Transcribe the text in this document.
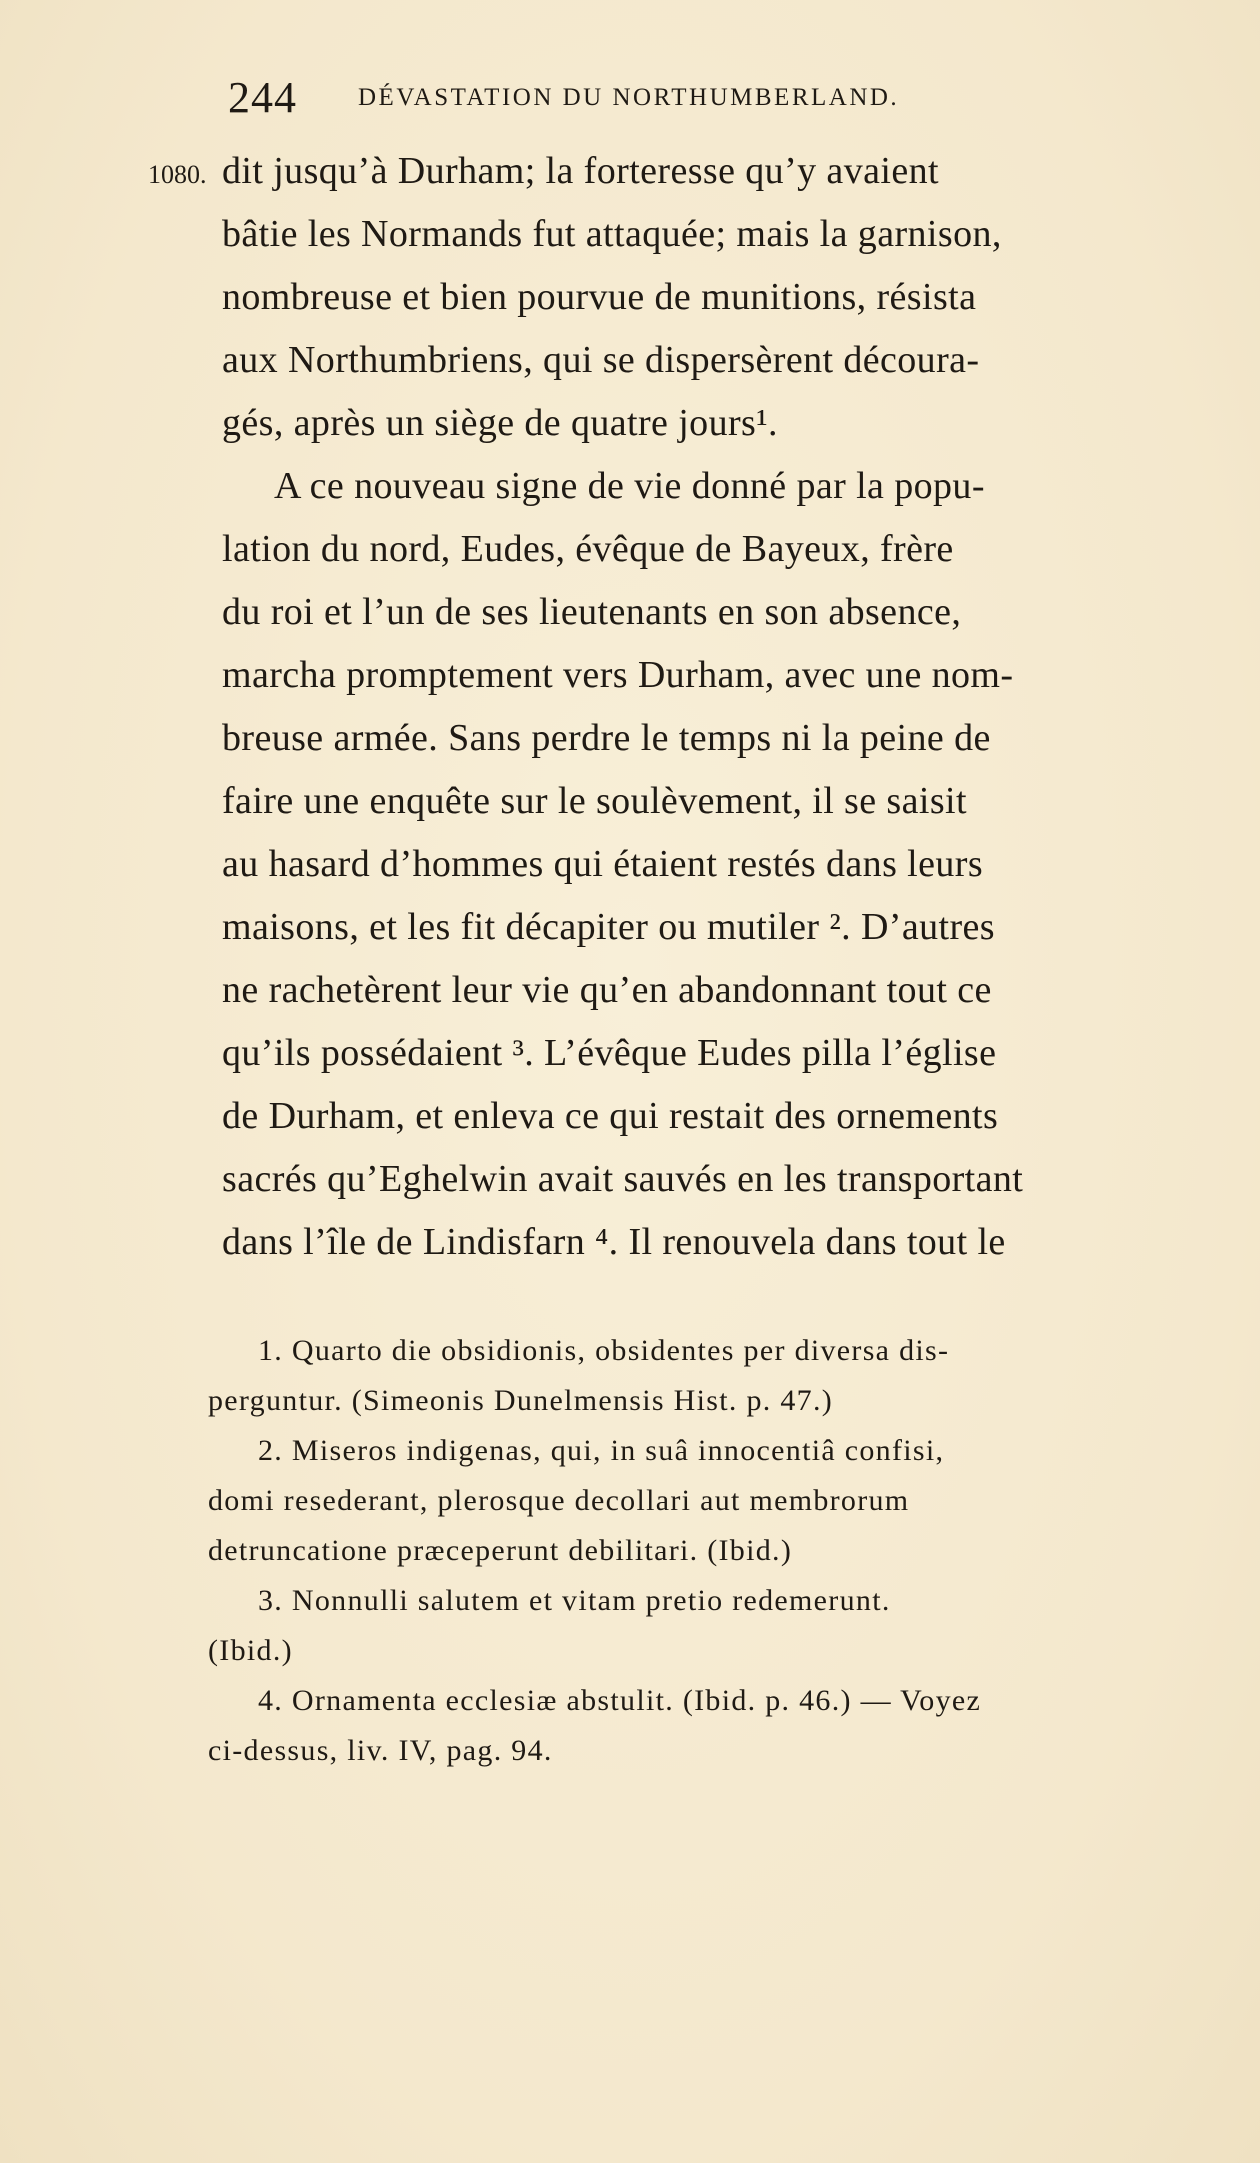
244 DÉVASTATION DU NORTHUMBERLAND.
1080. dit jusqu’à Durham; la forteresse qu’y avaient
bâtie les Normands fut attaquée; mais la garnison,
nombreuse et bien pourvue de munitions, résista
aux Northumbriens, qui se dispersèrent découra-
gés, après un siège de quatre jours¹.
A ce nouveau signe de vie donné par la popu-
lation du nord, Eudes, évêque de Bayeux, frère
du roi et l’un de ses lieutenants en son absence,
marcha promptement vers Durham, avec une nom-
breuse armée. Sans perdre le temps ni la peine de
faire une enquête sur le soulèvement, il se saisit
au hasard d’hommes qui étaient restés dans leurs
maisons, et les fit décapiter ou mutiler ². D’autres
ne rachetèrent leur vie qu’en abandonnant tout ce
qu’ils possédaient ³. L’évêque Eudes pilla l’église
de Durham, et enleva ce qui restait des ornements
sacrés qu’Eghelwin avait sauvés en les transportant
dans l’île de Lindisfarn ⁴. Il renouvela dans tout le
1. Quarto die obsidionis, obsidentes per diversa dis-
perguntur. (Simeonis Dunelmensis Hist. p. 47.)
2. Miseros indigenas, qui, in suâ innocentiâ confisi,
domi resederant, plerosque decollari aut membrorum
detruncatione præceperunt debilitari. (Ibid.)
3. Nonnulli salutem et vitam pretio redemerunt.
(Ibid.)
4. Ornamenta ecclesiæ abstulit. (Ibid. p. 46.) — Voyez
ci-dessus, liv. IV, pag. 94.
